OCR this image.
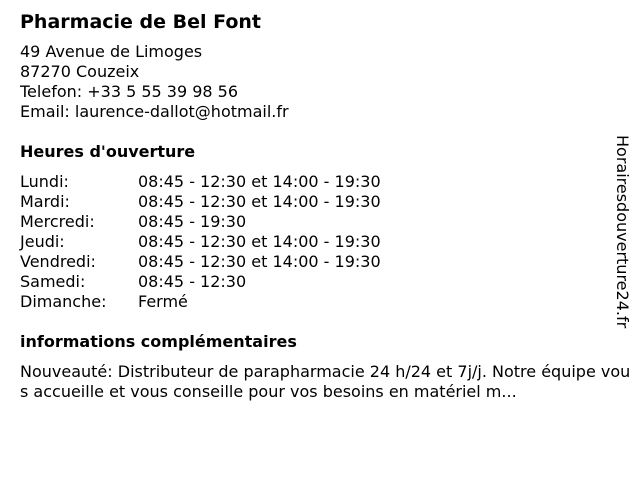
Pharmacie de Bel Font
49 Avenue de Limoges
87270 Couzeix
Telefon: +33 5 55 39 98 56
Email: laurence-dallot@hotmail.fr
Heures d'ouverture
Lundi:	08:45 - 12:30 et 14:00 - 19:30
Mardi:	08:45 - 12:30 et 14:00 - 19:30
Mercredi:	08:45 - 19:30
Jeudi:	08:45 - 12:30 et 14:00 - 19:30
Vendredi:	08:45 - 12:30 et 14:00 - 19:30
Samedi:	08:45 - 12:30
Dimanche:	Fermé
informations complémentaires
Nouveauté: Distributeur de parapharmacie 24 h/24 et 7j/j. Notre équipe vous accueille et vous conseille pour vos besoins en matériel m...
Horairesdouverture24.fr
